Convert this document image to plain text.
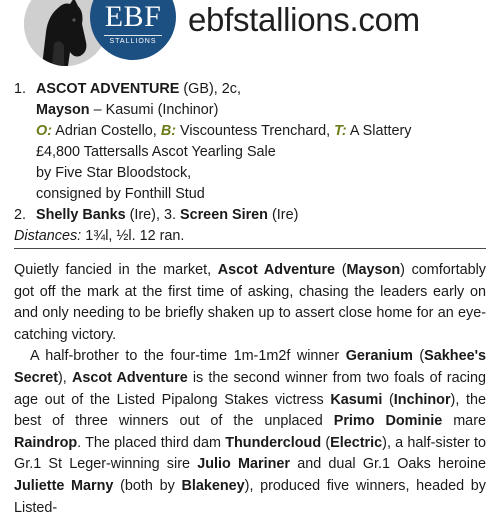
EBF
STALLIONS
ebfstallions.com
1. ASCOT ADVENTURE (GB), 2c,
Mayson – Kasumi (Inchinor)
O: Adrian Costello, B: Viscountess Trenchard, T: A Slattery
£4,800 Tattersalls Ascot Yearling Sale
by Five Star Bloodstock,
consigned by Fonthill Stud
2. Shelly Banks (Ire), 3. Screen Siren (Ire)
Distances: 1¾l, ½l. 12 ran.

Quietly fancied in the market, Ascot Adventure (Mayson) comfortably got off the mark at the first time of asking, chasing the leaders early on and only needing to be briefly shaken up to assert close home for an eye-catching victory.

A half-brother to the four-time 1m-1m2f winner Geranium (Sakhee's Secret), Ascot Adventure is the second winner from two foals of racing age out of the Listed Pipalong Stakes victress Kasumi (Inchinor), the best of three winners out of the unplaced Primo Dominie mare Raindrop. The placed third dam Thundercloud (Electric), a half-sister to Gr.1 St Leger-winning sire Julio Mariner and dual Gr.1 Oaks heroine Juliette Marny (both by Blakeney), produced five winners, headed by Listed-
